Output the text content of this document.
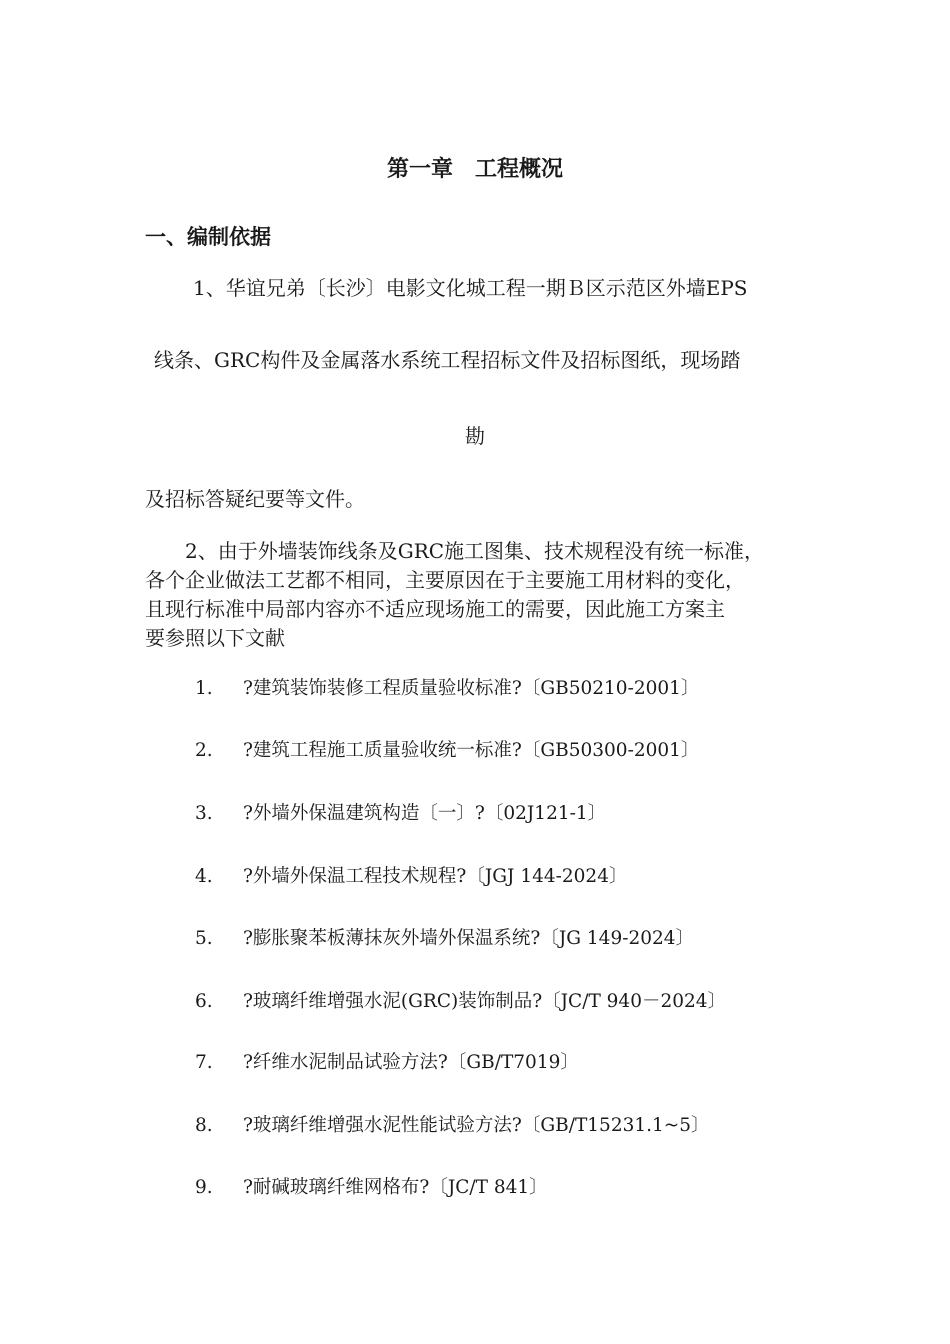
第一章　工程概况
一、编制依据
1、华谊兄弟〔长沙〕电影文化城工程一期Ｂ区示范区外墙EPS
线条、GRC构件及金属落水系统工程招标文件及招标图纸，现场踏
勘
及招标答疑纪要等文件。
2、由于外墙装饰线条及GRC施工图集、技术规程没有统一标准，
各个企业做法工艺都不相同，主要原因在于主要施工用材料的变化，
且现行标准中局部内容亦不适应现场施工的需要，因此施工方案主
要参照以下文献
1. ?建筑装饰装修工程质量验收标准?〔GB50210-2001〕
2. ?建筑工程施工质量验收统一标准?〔GB50300-2001〕
3. ?外墙外保温建筑构造〔一〕?〔02J121-1〕
4. ?外墙外保温工程技术规程?〔JGJ 144-2024〕
5. ?膨胀聚苯板薄抹灰外墙外保温系统?〔JG 149-2024〕
6. ?玻璃纤维增强水泥(GRC)装饰制品?〔JC/T 940－2024〕
7. ?纤维水泥制品试验方法?〔GB/T7019〕
8. ?玻璃纤维增强水泥性能试验方法?〔GB/T15231.1~5〕
9. ?耐碱玻璃纤维网格布?〔JC/T 841〕
